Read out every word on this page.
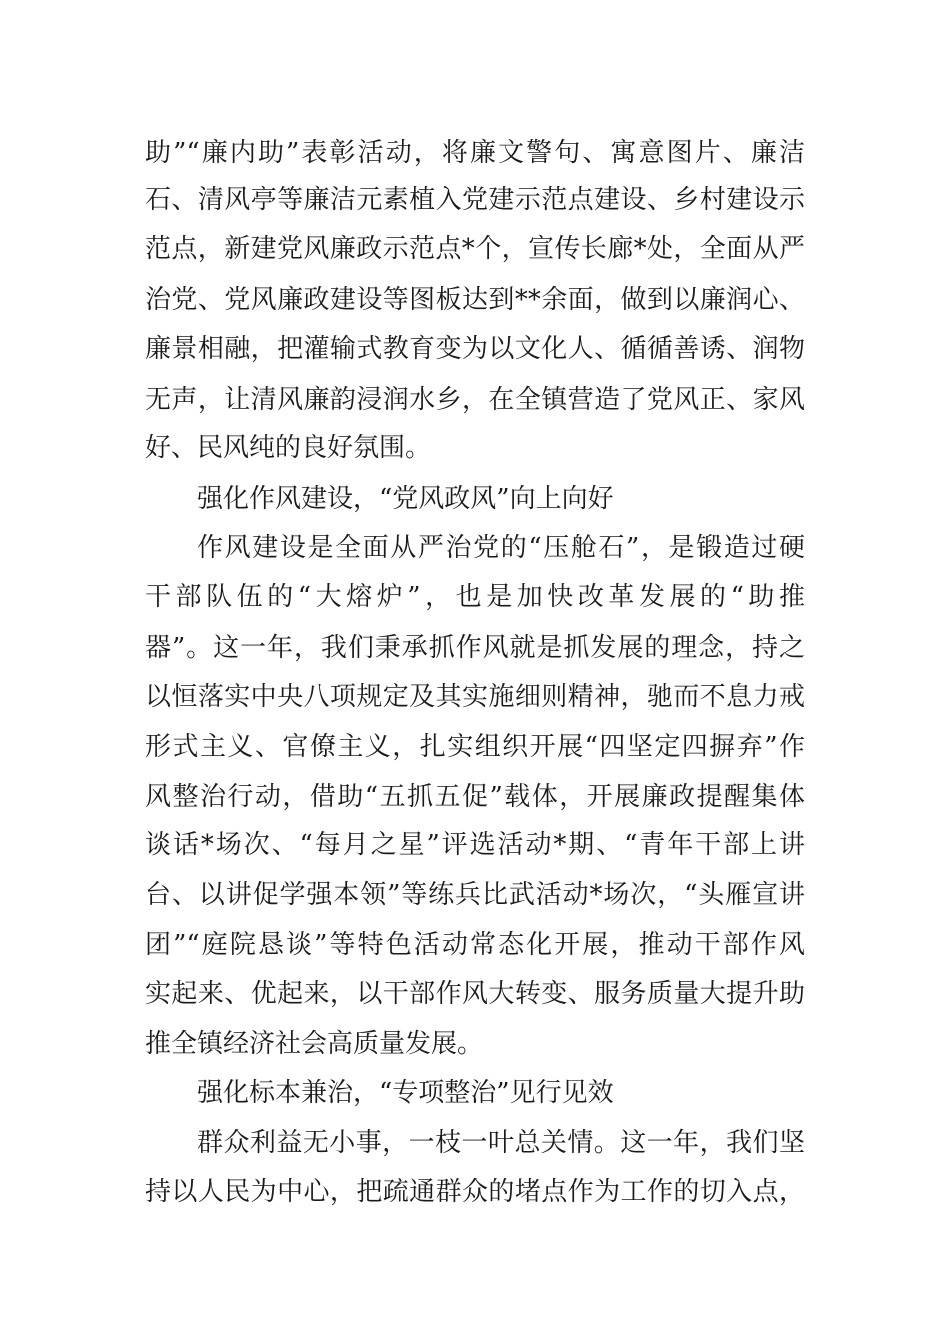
助”“廉内助”表彰活动，将廉文警句、寓意图片、廉洁
石、清风亭等廉洁元素植入党建示范点建设、乡村建设示
范点，新建党风廉政示范点*个，宣传长廊*处，全面从严
治党、党风廉政建设等图板达到**余面，做到以廉润心、
廉景相融，把灌输式教育变为以文化人、循循善诱、润物
无声，让清风廉韵浸润水乡，在全镇营造了党风正、家风
好、民风纯的良好氛围。
强化作风建设，“党风政风”向上向好
作风建设是全面从严治党的“压舱石”，是锻造过硬
干部队伍的“大熔炉”，也是加快改革发展的“助推
器”。这一年，我们秉承抓作风就是抓发展的理念，持之
以恒落实中央八项规定及其实施细则精神，驰而不息力戒
形式主义、官僚主义，扎实组织开展“四坚定四摒弃”作
风整治行动，借助“五抓五促”载体，开展廉政提醒集体
谈话*场次、“每月之星”评选活动*期、“青年干部上讲
台、以讲促学强本领”等练兵比武活动*场次，“头雁宣讲
团”“庭院恳谈”等特色活动常态化开展，推动干部作风
实起来、优起来，以干部作风大转变、服务质量大提升助
推全镇经济社会高质量发展。
强化标本兼治，“专项整治”见行见效
群众利益无小事，一枝一叶总关情。这一年，我们坚
持以人民为中心，把疏通群众的堵点作为工作的切入点，
